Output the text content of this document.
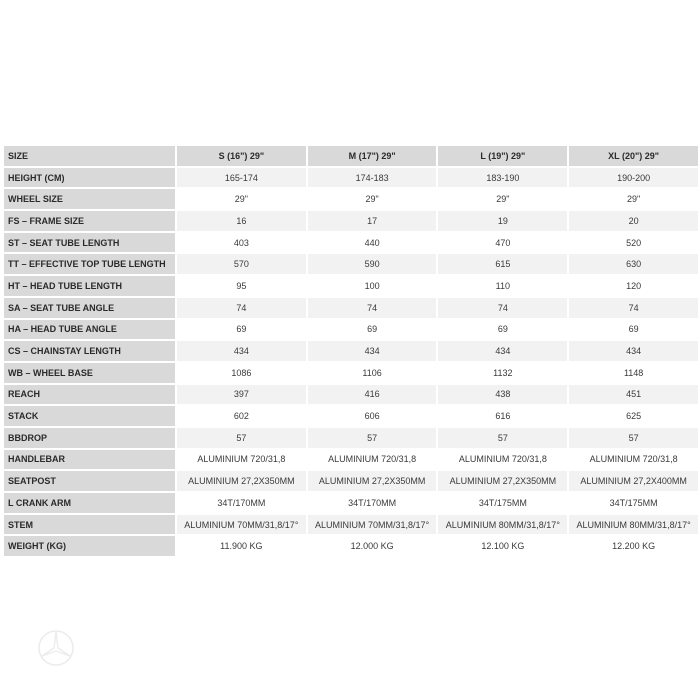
SIZE	S (16") 29"	M (17") 29"	L (19") 29"	XL (20") 29"
HEIGHT (CM)	165-174	174-183	183-190	190-200
WHEEL SIZE	29"	29"	29"	29"
FS – FRAME SIZE	16	17	19	20
ST – SEAT TUBE LENGTH	403	440	470	520
TT – EFFECTIVE TOP TUBE LENGTH	570	590	615	630
HT – HEAD TUBE LENGTH	95	100	110	120
SA – SEAT TUBE ANGLE	74	74	74	74
HA – HEAD TUBE ANGLE	69	69	69	69
CS – CHAINSTAY LENGTH	434	434	434	434
WB – WHEEL BASE	1086	1106	1132	1148
REACH	397	416	438	451
STACK	602	606	616	625
BBDROP	57	57	57	57
HANDLEBAR	ALUMINIUM 720/31,8	ALUMINIUM 720/31,8	ALUMINIUM 720/31,8	ALUMINIUM 720/31,8
SEATPOST	ALUMINIUM 27,2X350MM	ALUMINIUM 27,2X350MM	ALUMINIUM 27,2X350MM	ALUMINIUM 27,2X400MM
L CRANK ARM	34T/170MM	34T/170MM	34T/175MM	34T/175MM
STEM	ALUMINIUM 70MM/31,8/17°	ALUMINIUM 70MM/31,8/17°	ALUMINIUM 80MM/31,8/17°	ALUMINIUM 80MM/31,8/17°
WEIGHT (KG)	11.900 KG	12.000 KG	12.100 KG	12.200 KG
